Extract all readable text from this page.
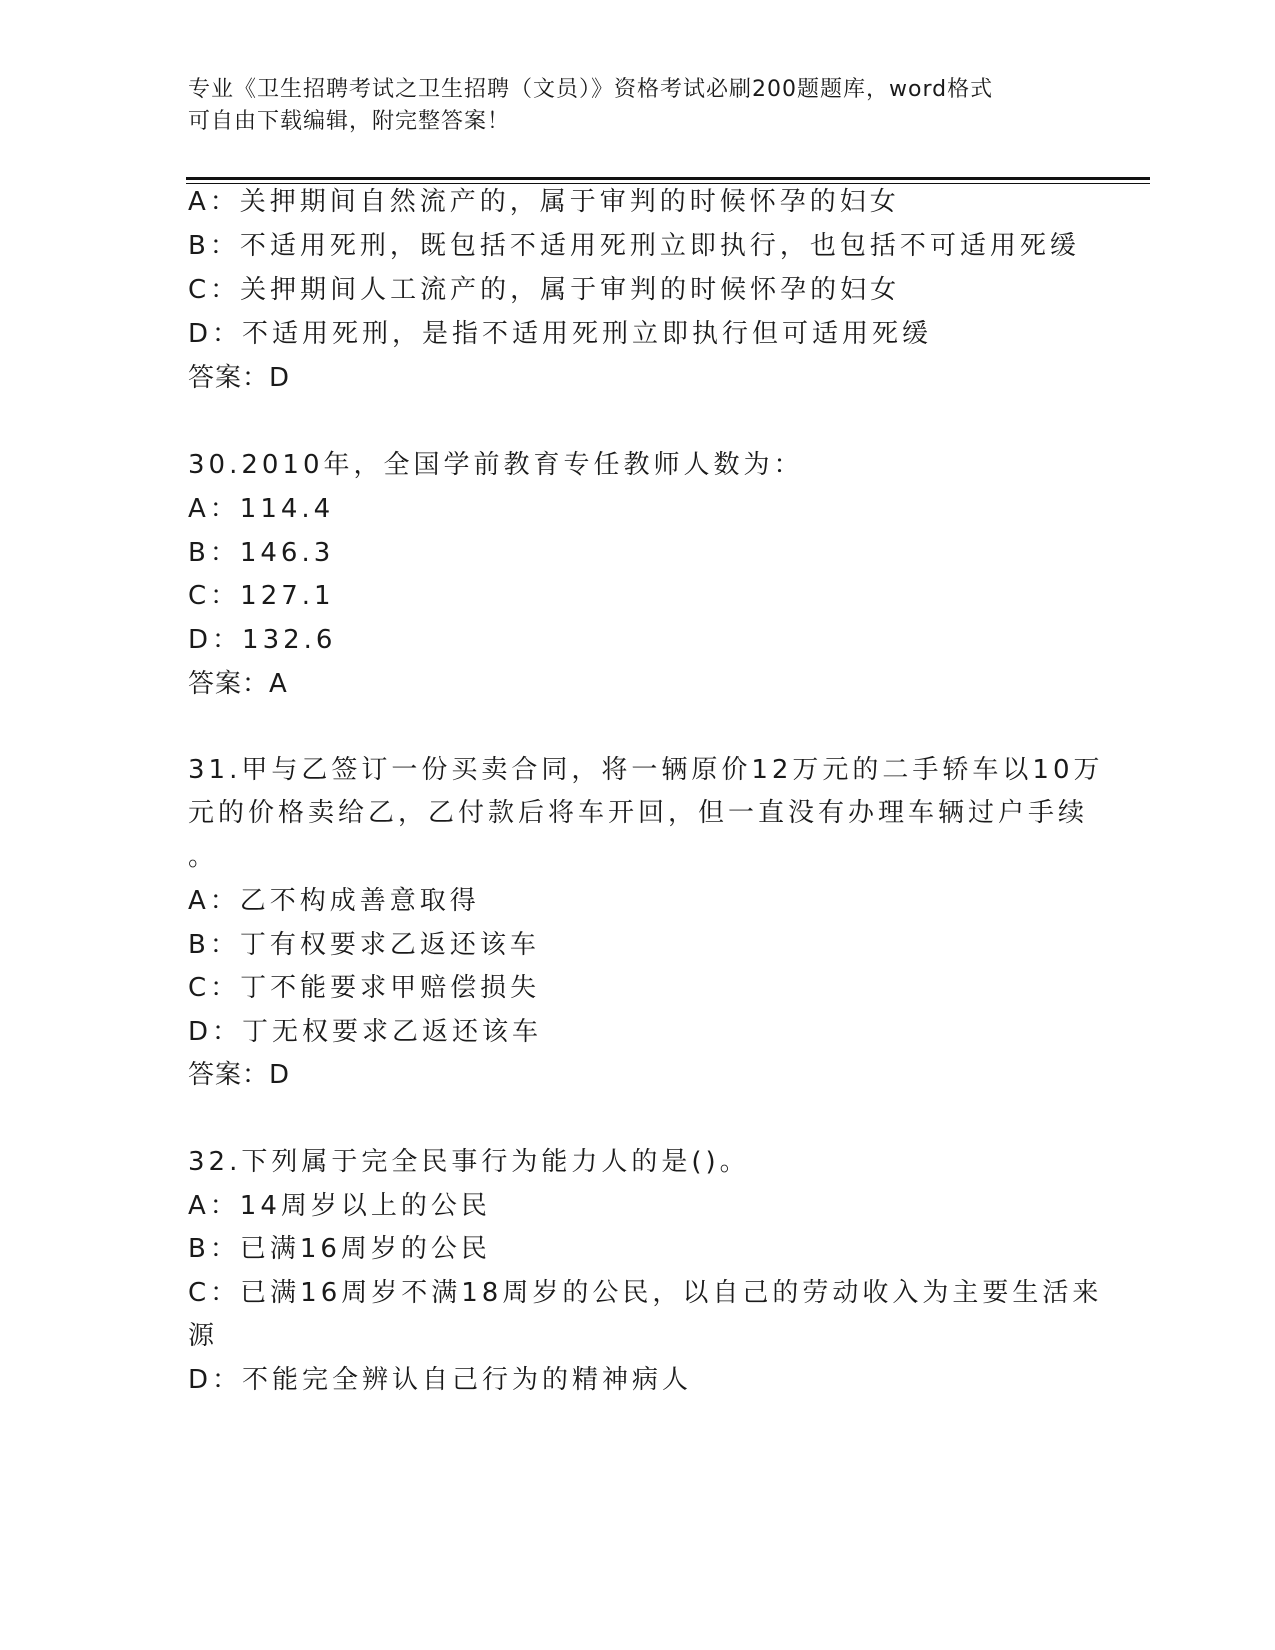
专业《卫生招聘考试之卫生招聘（文员）》资格考试必刷200题题库，word格式
可自由下载编辑，附完整答案！
A：关押期间自然流产的，属于审判的时候怀孕的妇女
B：不适用死刑，既包括不适用死刑立即执行，也包括不可适用死缓
C：关押期间人工流产的，属于审判的时候怀孕的妇女
D：不适用死刑，是指不适用死刑立即执行但可适用死缓
答案：D
30.2010年，全国学前教育专任教师人数为：
A：114.4
B：146.3
C：127.1
D：132.6
答案：A
31.甲与乙签订一份买卖合同，将一辆原价12万元的二手轿车以10万
元的价格卖给乙，乙付款后将车开回，但一直没有办理车辆过户手续
。
A：乙不构成善意取得
B：丁有权要求乙返还该车
C：丁不能要求甲赔偿损失
D：丁无权要求乙返还该车
答案：D
32.下列属于完全民事行为能力人的是()。
A：14周岁以上的公民
B：已满16周岁的公民
C：已满16周岁不满18周岁的公民，以自己的劳动收入为主要生活来
源
D：不能完全辨认自己行为的精神病人
